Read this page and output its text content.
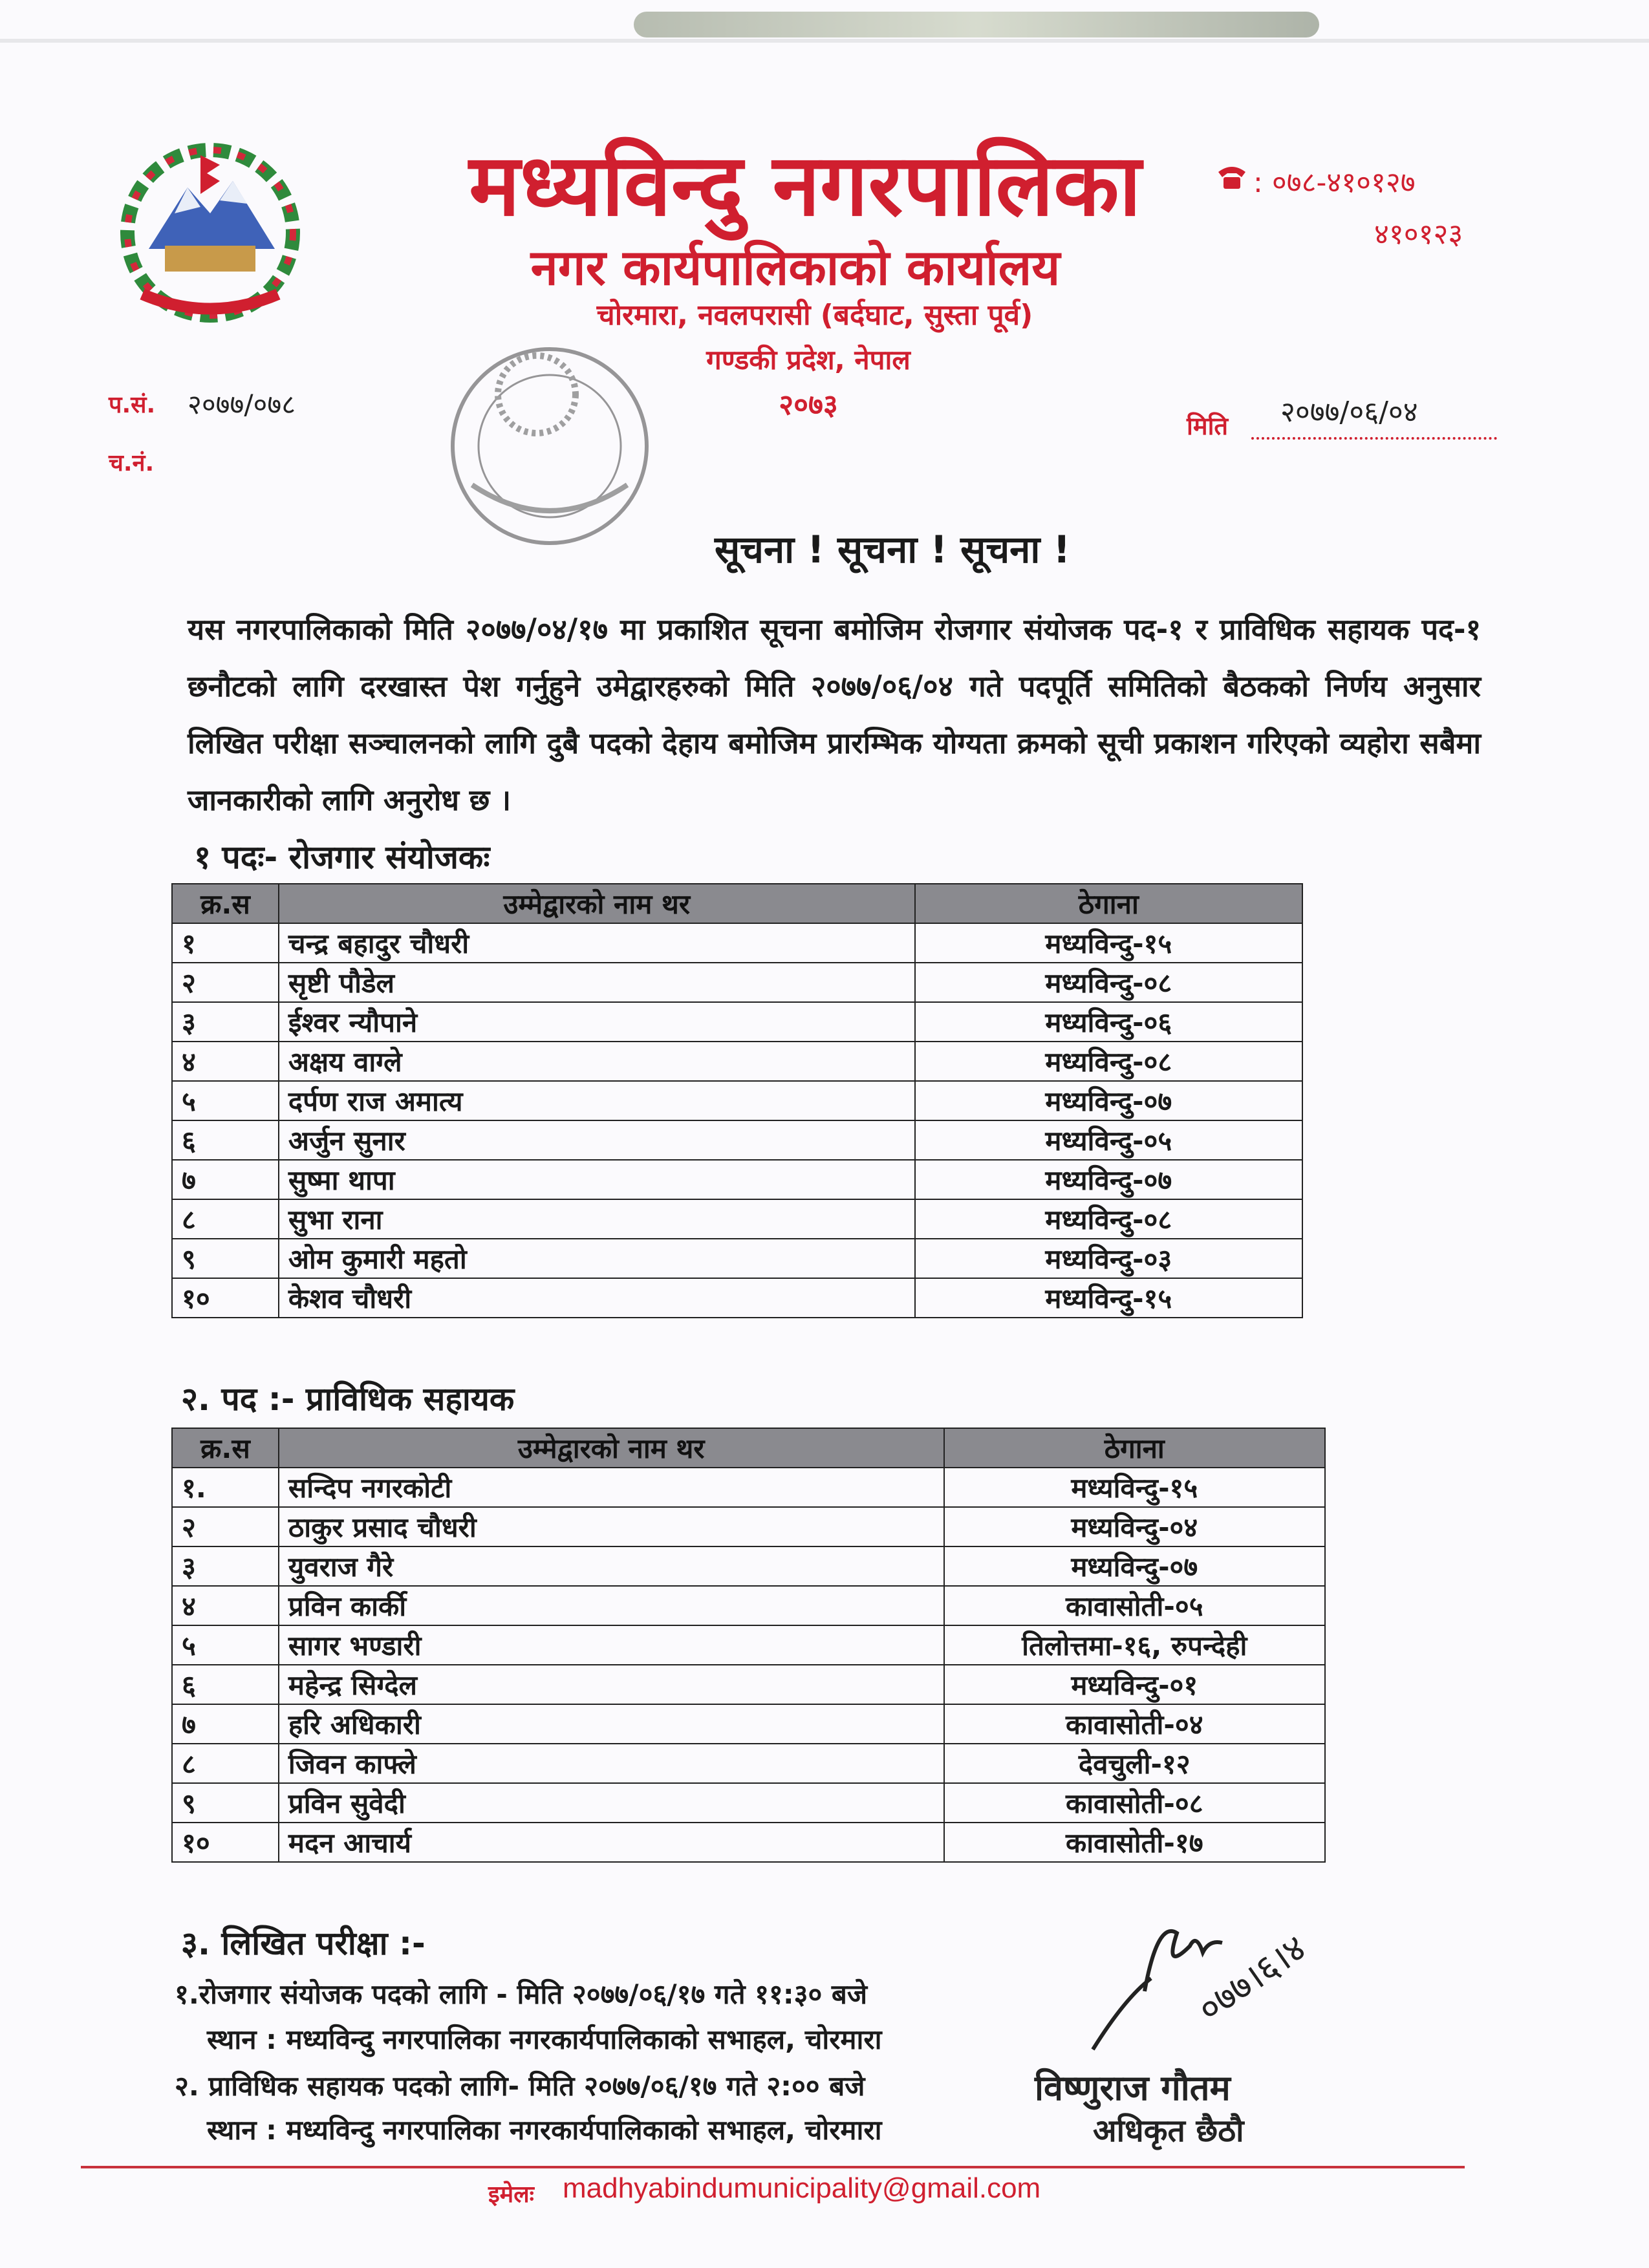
मध्यविन्दु नगरपालिका
नगर कार्यपालिकाको कार्यालय
चोरमारा, नवलपरासी (बर्दघाट, सुस्ता पूर्व)
गण्डकी प्रदेश, नेपाल
२०७३
: ०७८-४१०१२७
४१०१२३
प.सं. २०७७/०७८
च.नं.
मिति २०७७/०६/०४
सूचना ! सूचना ! सूचना !
यस नगरपालिकाको मिति २०७७/०४/१७ मा प्रकाशित सूचना बमोजिम रोजगार संयोजक पद-१ र प्राविधिक सहायक पद-१ छनौटको लागि दरखास्त पेश गर्नुहुने उमेद्वारहरुको मिति २०७७/०६/०४ गते पदपूर्ति समितिको बैठकको निर्णय अनुसार लिखित परीक्षा सञ्चालनको लागि दुबै पदको देहाय बमोजिम प्रारम्भिक योग्यता क्रमको सूची प्रकाशन गरिएको व्यहोरा सबैमा जानकारीको लागि अनुरोध छ ।
१ पदः- रोजगार संयोजकः
क्र.स	उम्मेद्वारको नाम थर	ठेगाना
१	चन्द्र बहादुर चौधरी	मध्यविन्दु-१५
२	सृष्टी पौडेल	मध्यविन्दु-०८
३	ईश्वर न्यौपाने	मध्यविन्दु-०६
४	अक्षय वाग्ले	मध्यविन्दु-०८
५	दर्पण राज अमात्य	मध्यविन्दु-०७
६	अर्जुन सुनार	मध्यविन्दु-०५
७	सुष्मा थापा	मध्यविन्दु-०७
८	सुभा राना	मध्यविन्दु-०८
९	ओम कुमारी महतो	मध्यविन्दु-०३
१०	केशव चौधरी	मध्यविन्दु-१५
२. पद :- प्राविधिक सहायक
क्र.स	उम्मेद्वारको नाम थर	ठेगाना
१.	सन्दिप नगरकोटी	मध्यविन्दु-१५
२	ठाकुर प्रसाद चौधरी	मध्यविन्दु-०४
३	युवराज गैरे	मध्यविन्दु-०७
४	प्रविन कार्की	कावासोती-०५
५	सागर भण्डारी	तिलोत्तमा-१६, रुपन्देही
६	महेन्द्र सिग्देल	मध्यविन्दु-०१
७	हरि अधिकारी	कावासोती-०४
८	जिवन काफ्ले	देवचुली-१२
९	प्रविन सुवेदी	कावासोती-०८
१०	मदन आचार्य	कावासोती-१७
३. लिखित परीक्षा :-
१.रोजगार संयोजक पदको लागि - मिति २०७७/०६/१७ गते ११:३० बजे
स्थान : मध्यविन्दु नगरपालिका नगरकार्यपालिकाको सभाहल, चोरमारा
२. प्राविधिक सहायक पदको लागि- मिति २०७७/०६/१७ गते २:०० बजे
स्थान : मध्यविन्दु नगरपालिका नगरकार्यपालिकाको सभाहल, चोरमारा
०७७।६।४
विष्णुराज गौतम
अधिकृत छैठौ
इमेलः madhyabindumunicipality@gmail.com
